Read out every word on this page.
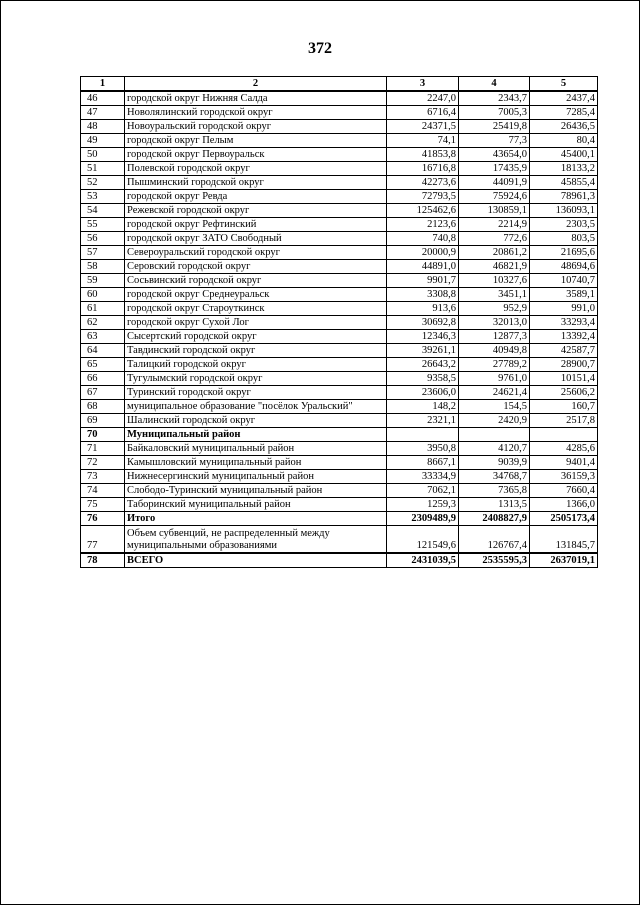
372
1	2	3	4	5
46	городской округ Нижняя Салда	2247,0	2343,7	2437,4
47	Новолялинский городской округ	6716,4	7005,3	7285,4
48	Новоуральский городской округ	24371,5	25419,8	26436,5
49	городской округ Пелым	74,1	77,3	80,4
50	городской округ Первоуральск	41853,8	43654,0	45400,1
51	Полевской городской округ	16716,8	17435,9	18133,2
52	Пышминский городской округ	42273,6	44091,9	45855,4
53	городской округ Ревда	72793,5	75924,6	78961,3
54	Режевской городской округ	125462,6	130859,1	136093,1
55	городской округ Рефтинский	2123,6	2214,9	2303,5
56	городской округ ЗАТО Свободный	740,8	772,6	803,5
57	Североуральский городской округ	20000,9	20861,2	21695,6
58	Серовский городской округ	44891,0	46821,9	48694,6
59	Сосьвинский городской округ	9901,7	10327,6	10740,7
60	городской округ Среднеуральск	3308,8	3451,1	3589,1
61	городской округ Староуткинск	913,6	952,9	991,0
62	городской округ Сухой Лог	30692,8	32013,0	33293,4
63	Сысертский городской округ	12346,3	12877,3	13392,4
64	Тавдинский городской округ	39261,1	40949,8	42587,7
65	Талицкий городской округ	26643,2	27789,2	28900,7
66	Тугулымский городской округ	9358,5	9761,0	10151,4
67	Туринский городской округ	23606,0	24621,4	25606,2
68	муниципальное образование "посёлок Уральский"	148,2	154,5	160,7
69	Шалинский городской округ	2321,1	2420,9	2517,8
70	Муниципальный район			
71	Байкаловский муниципальный район	3950,8	4120,7	4285,6
72	Камышловский муниципальный район	8667,1	9039,9	9401,4
73	Нижнесергинский муниципальный район	33334,9	34768,7	36159,3
74	Слободо-Туринский муниципальный район	7062,1	7365,8	7660,4
75	Таборинский муниципальный район	1259,3	1313,5	1366,0
76	Итого	2309489,9	2408827,9	2505173,4
77	Объем субвенций, не распределенный между муниципальными образованиями	121549,6	126767,4	131845,7
78	ВСЕГО	2431039,5	2535595,3	2637019,1
